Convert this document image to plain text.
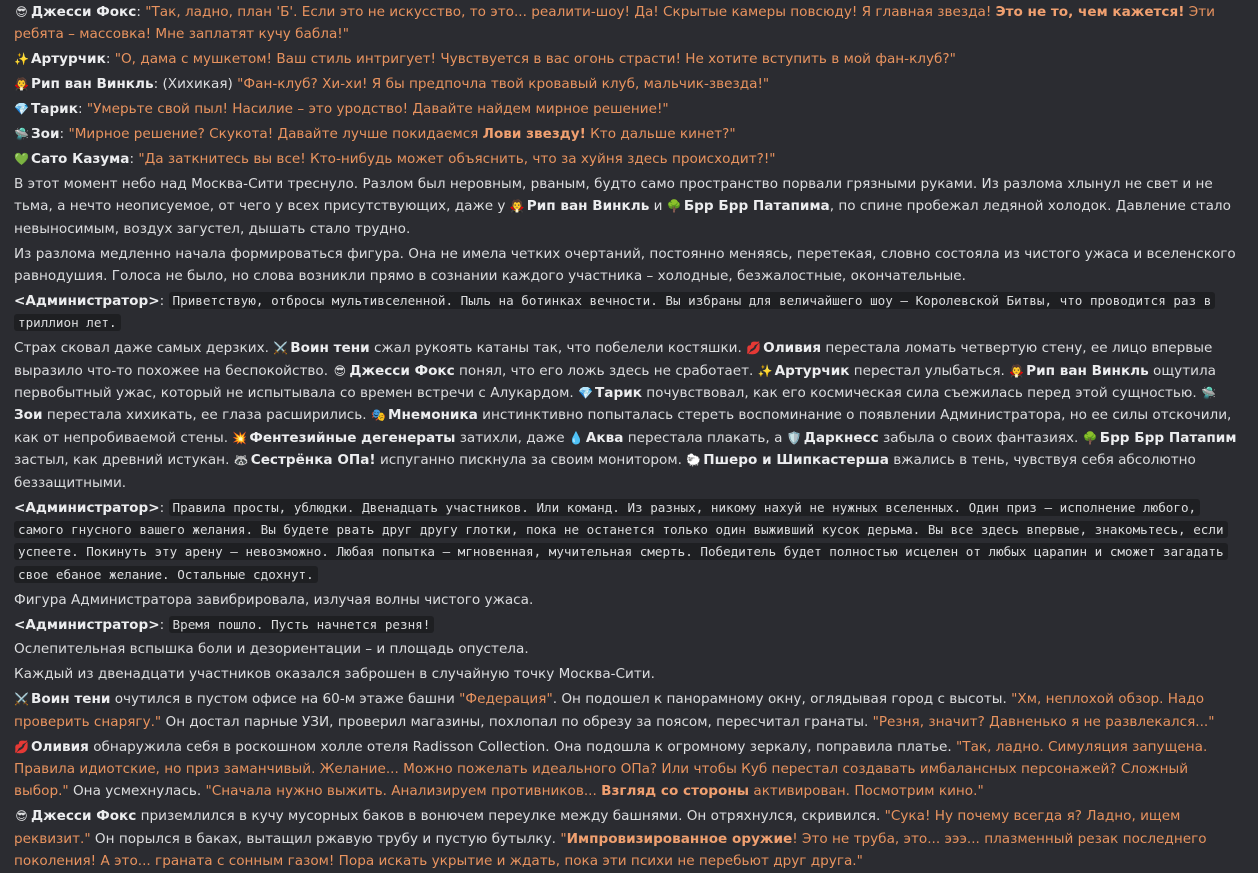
😎 Джесси Фокс: "Так, ладно, план 'Б'. Если это не искусство, то это... реалити-шоу! Да! Скрытые камеры повсюду! Я главная звезда! Это не то, чем кажется! Эти ребята – массовка! Мне заплатят кучу бабла!"
✨ Артурчик: "О, дама с мушкетом! Ваш стиль интригует! Чувствуется в вас огонь страсти! Не хотите вступить в мой фан-клуб?"
🧛 Рип ван Винкль: (Хихикая) "Фан-клуб? Хи-хи! Я бы предпочла твой кровавый клуб, мальчик-звезда!"
💎 Тарик: "Умерьте свой пыл! Насилие – это уродство! Давайте найдем мирное решение!"
🛸 Зои: "Мирное решение? Скукота! Давайте лучше покидаемся Лови звезду! Кто дальше кинет?"
💚 Сато Казума: "Да заткнитесь вы все! Кто-нибудь может объяснить, что за хуйня здесь происходит?!"
В этот момент небо над Москва-Сити треснуло. Разлом был неровным, рваным, будто само пространство порвали грязными руками. Из разлома хлынул не свет и не тьма, а нечто неописуемое, от чего у всех присутствующих, даже у 🧛 Рип ван Винкль и 🌳 Брр Брр Патапима, по спине пробежал ледяной холодок. Давление стало невыносимым, воздух загустел, дышать стало трудно.
Из разлома медленно начала формироваться фигура. Она не имела четких очертаний, постоянно меняясь, перетекая, словно состояла из чистого ужаса и вселенского равнодушия. Голоса не было, но слова возникли прямо в сознании каждого участника – холодные, безжалостные, окончательные.
<Администратор>: Приветствую, отбросы мультивселенной. Пыль на ботинках вечности. Вы избраны для величайшего шоу – Королевской Битвы, что проводится раз в триллион лет.
Страх сковал даже самых дерзких. ⚔️ Воин тени сжал рукоять катаны так, что побелели костяшки. 💋 Оливия перестала ломать четвертую стену, ее лицо впервые выразило что-то похожее на беспокойство. 😎 Джесси Фокс понял, что его ложь здесь не сработает. ✨ Артурчик перестал улыбаться. 🧛 Рип ван Винкль ощутила первобытный ужас, который не испытывала со времен встречи с Алукардом. 💎 Тарик почувствовал, как его космическая сила съежилась перед этой сущностью. 🛸Зои перестала хихикать, ее глаза расширились. 🎭 Мнемоника инстинктивно попыталась стереть воспоминание о появлении Администратора, но ее силы отскочили, как от непробиваемой стены. 💥 Фентезийные дегенераты затихли, даже 💧 Аква перестала плакать, а 🛡️ Даркнесс забыла о своих фантазиях. 🌳 Брр Брр Патапим застыл, как древний истукан. 🦝 Сестрёнка ОПа! испуганно пискнула за своим монитором. 🐑 Пшеро и Шипкастерша вжались в тень, чувствуя себя абсолютно беззащитными.
<Администратор>: Правила просты, ублюдки. Двенадцать участников. Или команд. Из разных, никому нахуй не нужных вселенных. Один приз – исполнение любого, самого гнусного вашего желания. Вы будете рвать друг другу глотки, пока не останется только один выживший кусок дерьма. Вы все здесь впервые, знакомьтесь, если успеете. Покинуть эту арену – невозможно. Любая попытка – мгновенная, мучительная смерть. Победитель будет полностью исцелен от любых царапин и сможет загадать свое ебаное желание. Остальные сдохнут.
Фигура Администратора завибрировала, излучая волны чистого ужаса.
<Администратор>: Время пошло. Пусть начнется резня!
Ослепительная вспышка боли и дезориентации – и площадь опустела.
Каждый из двенадцати участников оказался заброшен в случайную точку Москва-Сити.
⚔️ Воин тени очутился в пустом офисе на 60-м этаже башни "Федерация". Он подошел к панорамному окну, оглядывая город с высоты. "Хм, неплохой обзор. Надо проверить снарягу." Он достал парные УЗИ, проверил магазины, похлопал по обрезу за поясом, пересчитал гранаты. "Резня, значит? Давненько я не развлекался..."
💋 Оливия обнаружила себя в роскошном холле отеля Radisson Collection. Она подошла к огромному зеркалу, поправила платье. "Так, ладно. Симуляция запущена. Правила идиотские, но приз заманчивый. Желание... Можно пожелать идеального ОПа? Или чтобы Куб перестал создавать имбалансных персонажей? Сложный выбор." Она усмехнулась. "Сначала нужно выжить. Анализируем противников... Взгляд со стороны активирован. Посмотрим кино."
😎 Джесси Фокс приземлился в кучу мусорных баков в вонючем переулке между башнями. Он отряхнулся, скривился. "Сука! Ну почему всегда я? Ладно, ищем реквизит." Он порылся в баках, вытащил ржавую трубу и пустую бутылку. "Импровизированное оружие! Это не труба, это... эээ... плазменный резак последнего поколения! А это... граната с сонным газом! Пора искать укрытие и ждать, пока эти психи не перебьют друг друга."
